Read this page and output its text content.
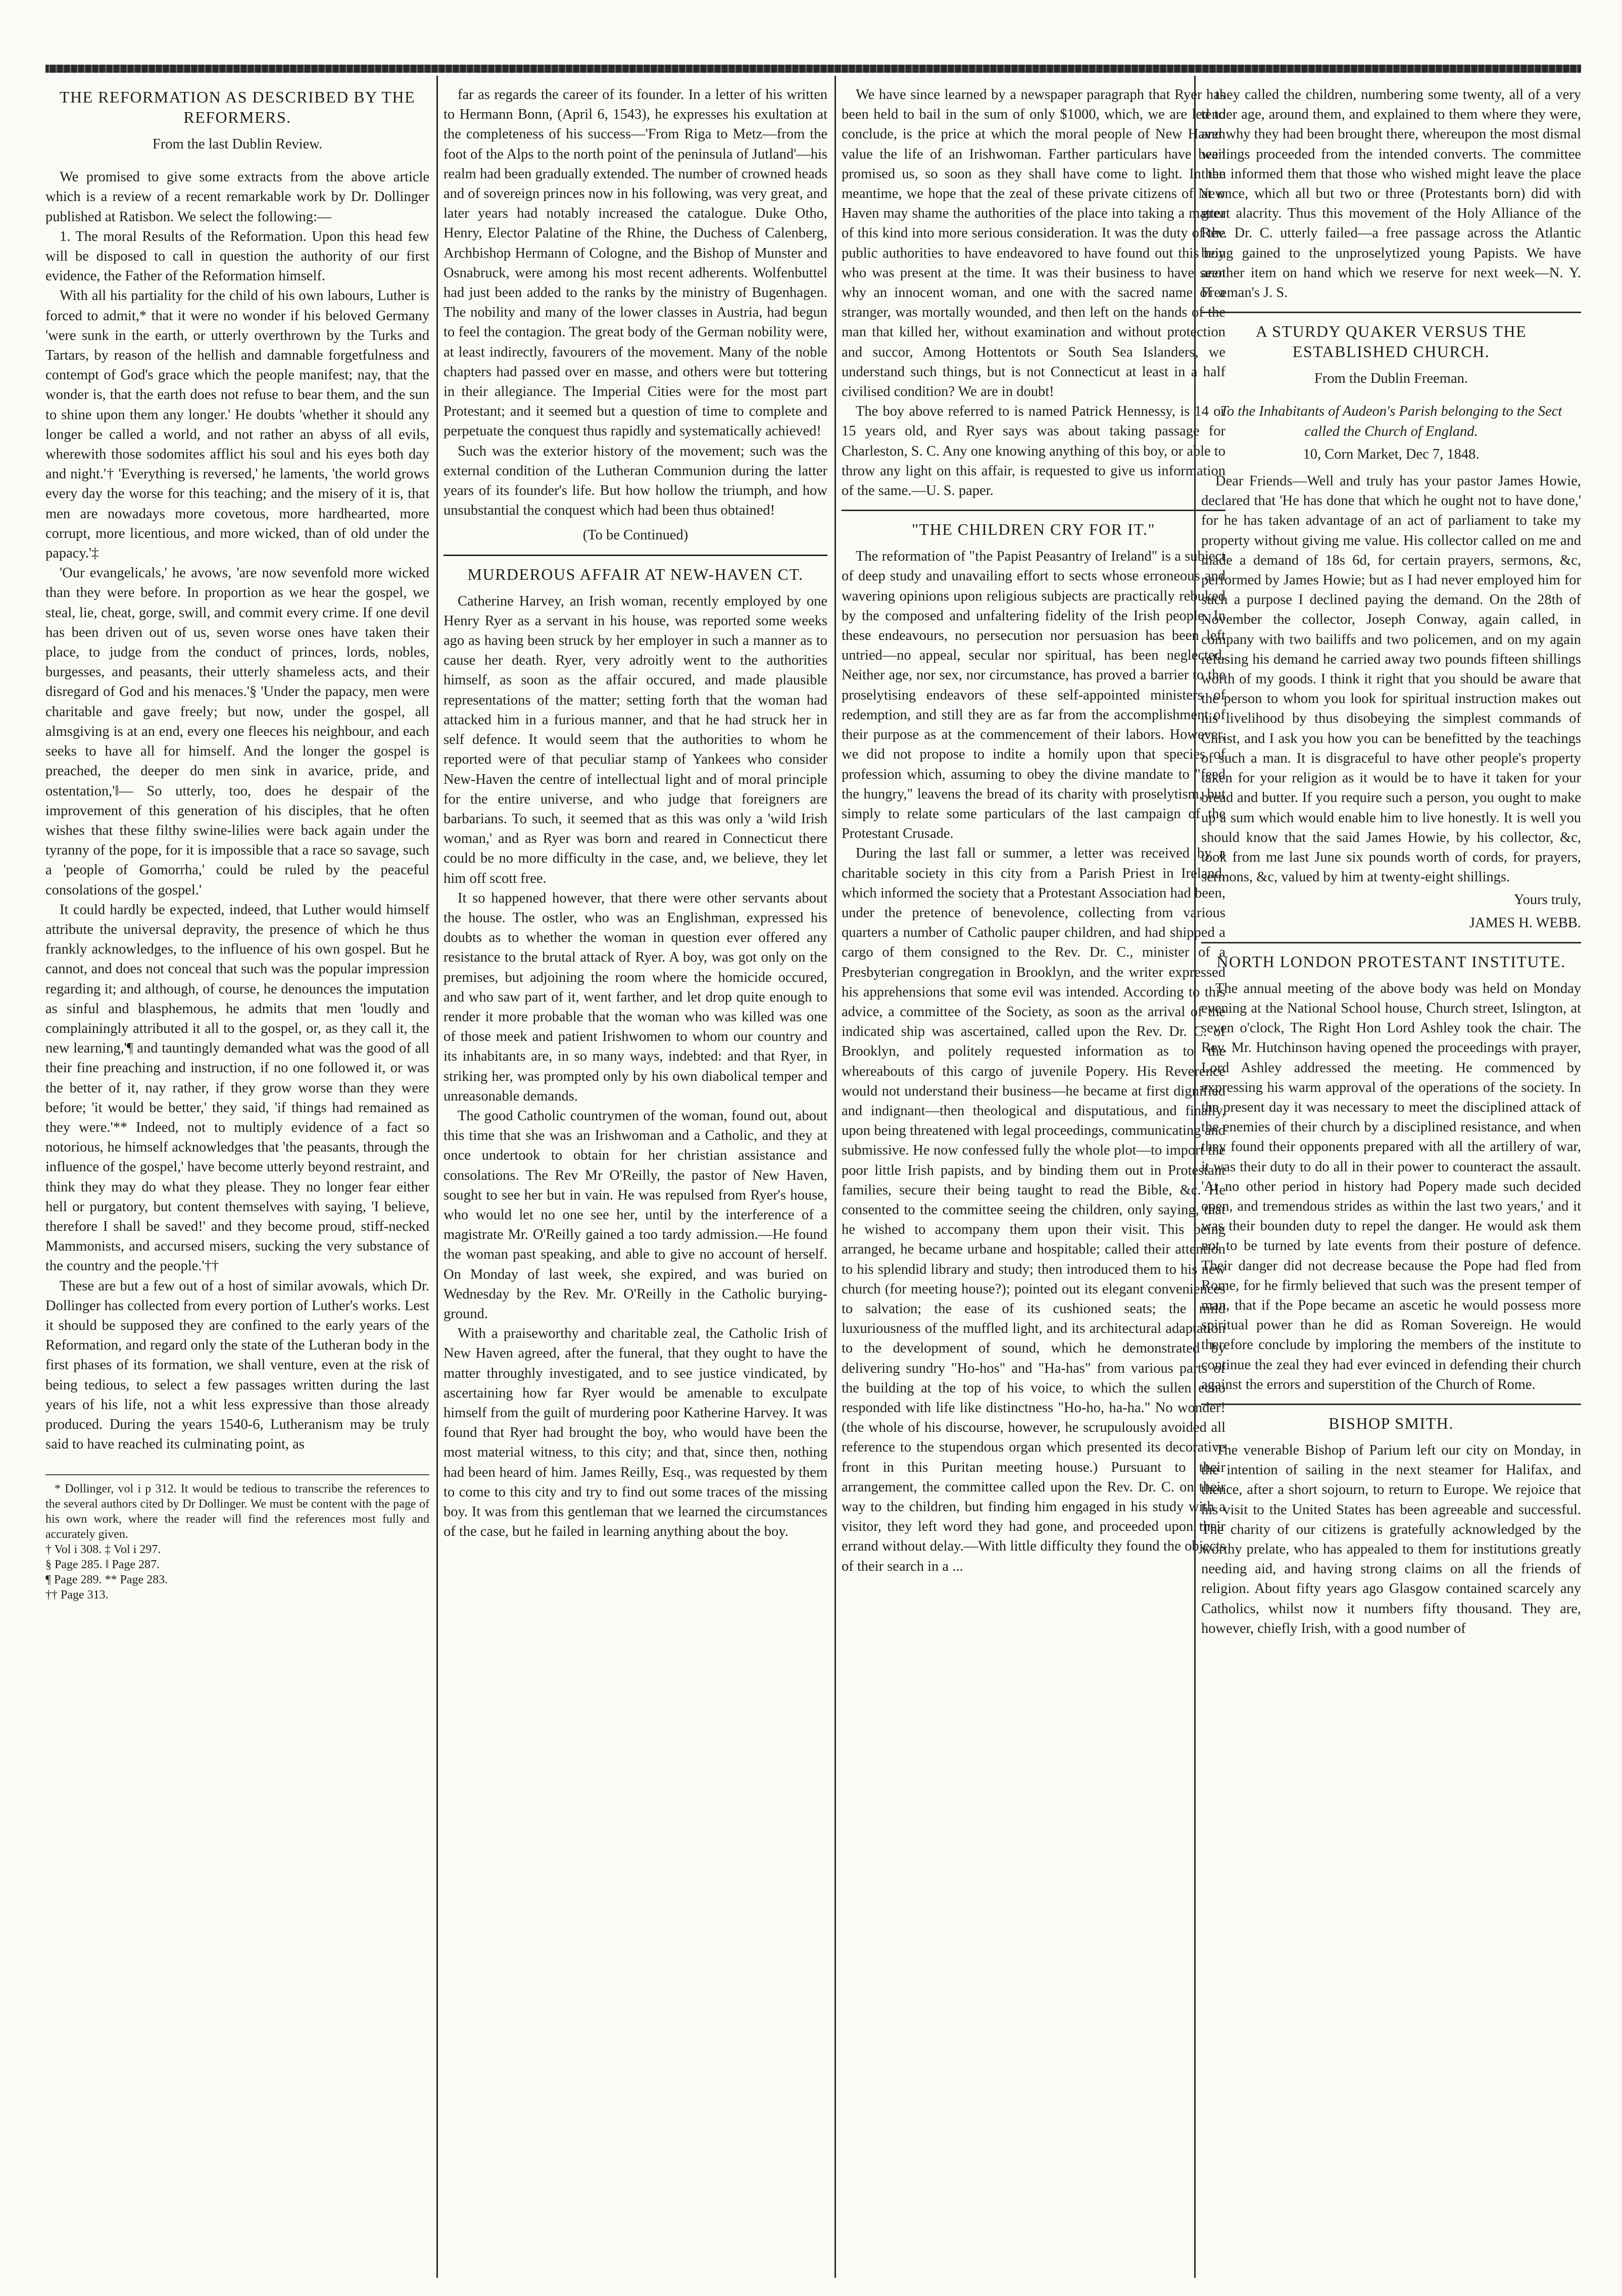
THE REFORMATION AS DESCRIBED BY THE REFORMERS.
From the last Dublin Review.

We promised to give some extracts from the above article which is a review of a recent remarkable work by Dr. Dollinger published at Ratisbon. We select the following:—

1. The moral Results of the Reformation. Upon this head few will be disposed to call in question the authority of our first evidence, the Father of the Reformation himself.

With all his partiality for the child of his own labours, Luther is forced to admit,* that it were no wonder if his beloved Germany 'were sunk in the earth, or utterly overthrown by the Turks and Tartars, by reason of the hellish and damnable forgetfulness and contempt of God's grace which the people manifest; nay, that the wonder is, that the earth does not refuse to bear them, and the sun to shine upon them any longer.' He doubts 'whether it should any longer be called a world, and not rather an abyss of all evils, wherewith those sodomites afflict his soul and his eyes both day and night.'† 'Everything is reversed,' he laments, 'the world grows every day the worse for this teaching; and the misery of it is, that men are nowadays more covetous, more hardhearted, more corrupt, more licentious, and more wicked, than of old under the papacy.'‡

'Our evangelicals,' he avows, 'are now sevenfold more wicked than they were before. In proportion as we hear the gospel, we steal, lie, cheat, gorge, swill, and commit every crime. If one devil has been driven out of us, seven worse ones have taken their place, to judge from the conduct of princes, lords, nobles, burgesses, and peasants, their utterly shameless acts, and their disregard of God and his menaces.'§ 'Under the papacy, men were charitable and gave freely; but now, under the gospel, all almsgiving is at an end, every one fleeces his neighbour, and each seeks to have all for himself. And the longer the gospel is preached, the deeper do men sink in avarice, pride, and ostentation,'‖— So utterly, too, does he despair of the improvement of this generation of his disciples, that he often wishes that these filthy swine-lilies were back again under the tyranny of the pope, for it is impossible that a race so savage, such a 'people of Gomorrha,' could be ruled by the peaceful consolations of the gospel.'

It could hardly be expected, indeed, that Luther would himself attribute the universal depravity, the presence of which he thus frankly acknowledges, to the influence of his own gospel. But he cannot, and does not conceal that such was the popular impression regarding it; and although, of course, he denounces the imputation as sinful and blasphemous, he admits that men 'loudly and complainingly attributed it all to the gospel, or, as they call it, the new learning,'¶ and tauntingly demanded what was the good of all their fine preaching and instruction, if no one followed it, or was the better of it, nay rather, if they grow worse than they were before; 'it would be better,' they said, 'if things had remained as they were.'** Indeed, not to multiply evidence of a fact so notorious, he himself acknowledges that 'the peasants, through the influence of the gospel,' have become utterly beyond restraint, and think they may do what they please. They no longer fear either hell or purgatory, but content themselves with saying, 'I believe, therefore I shall be saved!' and they become proud, stiff-necked Mammonists, and accursed misers, sucking the very substance of the country and the people.'††

These are but a few out of a host of similar avowals, which Dr. Dollinger has collected from every portion of Luther's works. Lest it should be supposed they are confined to the early years of the Reformation, and regard only the state of the Lutheran body in the first phases of its formation, we shall venture, even at the risk of being tedious, to select a few passages written during the last years of his life, not a whit less expressive than those already produced. During the years 1540-6, Lutheranism may be truly said to have reached its culminating point, as

* Dollinger, vol i p 312. It would be tedious to transcribe the references to the several authors cited by Dr Dollinger. We must be content with the page of his own work, where the reader will find the references most fully and accurately given.

† Vol i 308. ‡ Vol i 297.
§ Page 285. ‖ Page 287.
¶ Page 289. ** Page 283.
†† Page 313.

far as regards the career of its founder. In a letter of his written to Hermann Bonn, (April 6, 1543), he expresses his exultation at the completeness of his success—'From Riga to Metz—from the foot of the Alps to the north point of the peninsula of Jutland'—his realm had been gradually extended. The number of crowned heads and of sovereign princes now in his following, was very great, and later years had notably increased the catalogue. Duke Otho, Henry, Elector Palatine of the Rhine, the Duchess of Calenberg, Archbishop Hermann of Cologne, and the Bishop of Munster and Osnabruck, were among his most recent adherents. Wolfenbuttel had just been added to the ranks by the ministry of Bugenhagen. The nobility and many of the lower classes in Austria, had begun to feel the contagion. The great body of the German nobility were, at least indirectly, favourers of the movement. Many of the noble chapters had passed over en masse, and others were but tottering in their allegiance. The Imperial Cities were for the most part Protestant; and it seemed but a question of time to complete and perpetuate the conquest thus rapidly and systematically achieved!

Such was the exterior history of the movement; such was the external condition of the Lutheran Communion during the latter years of its founder's life. But how hollow the triumph, and how unsubstantial the conquest which had been thus obtained!

(To be Continued)

MURDEROUS AFFAIR AT NEW-HAVEN CT.

Catherine Harvey, an Irish woman, recently employed by one Henry Ryer as a servant in his house, was reported some weeks ago as having been struck by her employer in such a manner as to cause her death. Ryer, very adroitly went to the authorities himself, as soon as the affair occured, and made plausible representations of the matter; setting forth that the woman had attacked him in a furious manner, and that he had struck her in self defence. It would seem that the authorities to whom he reported were of that peculiar stamp of Yankees who consider New-Haven the centre of intellectual light and of moral principle for the entire universe, and who judge that foreigners are barbarians. To such, it seemed that as this was only a 'wild Irish woman,' and as Ryer was born and reared in Connecticut there could be no more difficulty in the case, and, we believe, they let him off scott free.

It so happened however, that there were other servants about the house. The ostler, who was an Englishman, expressed his doubts as to whether the woman in question ever offered any resistance to the brutal attack of Ryer. A boy, was got only on the premises, but adjoining the room where the homicide occured, and who saw part of it, went farther, and let drop quite enough to render it more probable that the woman who was killed was one of those meek and patient Irishwomen to whom our country and its inhabitants are, in so many ways, indebted: and that Ryer, in striking her, was prompted only by his own diabolical temper and unreasonable demands.

The good Catholic countrymen of the woman, found out, about this time that she was an Irishwoman and a Catholic, and they at once undertook to obtain for her christian assistance and consolations. The Rev Mr O'Reilly, the pastor of New Haven, sought to see her but in vain. He was repulsed from Ryer's house, who would let no one see her, until by the interference of a magistrate Mr. O'Reilly gained a too tardy admission.—He found the woman past speaking, and able to give no account of herself. On Monday of last week, she expired, and was buried on Wednesday by the Rev. Mr. O'Reilly in the Catholic burying-ground.

With a praiseworthy and charitable zeal, the Catholic Irish of New Haven agreed, after the funeral, that they ought to have the matter throughly investigated, and to see justice vindicated, by ascertaining how far Ryer would be amenable to exculpate himself from the guilt of murdering poor Katherine Harvey. It was found that Ryer had brought the boy, who would have been the most material witness, to this city; and that, since then, nothing had been heard of him. James Reilly, Esq., was requested by them to come to this city and try to find out some traces of the missing boy. It was from this gentleman that we learned the circumstances of the case, but he failed in learning anything about the boy.

We have since learned by a newspaper paragraph that Ryer has been held to bail in the sum of only $1000, which, we are led to conclude, is the price at which the moral people of New Haven value the life of an Irishwoman. Farther particulars have been promised us, so soon as they shall have come to light. In the meantime, we hope that the zeal of these private citizens of New Haven may shame the authorities of the place into taking a matter of this kind into more serious consideration. It was the duty of the public authorities to have endeavored to have found out this boy who was present at the time. It was their business to have seen why an innocent woman, and one with the sacred name of a stranger, was mortally wounded, and then left on the hands of the man that killed her, without examination and without protection and succor, Among Hottentots or South Sea Islanders, we understand such things, but is not Connecticut at least in a half civilised condition? We are in doubt!

The boy above referred to is named Patrick Hennessy, is 14 or 15 years old, and Ryer says was about taking passage for Charleston, S. C. Any one knowing anything of this boy, or able to throw any light on this affair, is requested to give us information of the same.—U. S. paper.

"THE CHILDREN CRY FOR IT."

The reformation of "the Papist Peasantry of Ireland" is a subject of deep study and unavailing effort to sects whose erroneous and wavering opinions upon religious subjects are practically rebuked by the composed and unfaltering fidelity of the Irish people. In these endeavours, no persecution nor persuasion has been left untried—no appeal, secular nor spiritual, has been neglected. Neither age, nor sex, nor circumstance, has proved a barrier to the proselytising endeavors of these self-appointed ministers of redemption, and still they are as far from the accomplishment of their purpose as at the commencement of their labors. However, we did not propose to indite a homily upon that species of profession which, assuming to obey the divine mandate to "feed the hungry," leavens the bread of its charity with proselytism, but simply to relate some particulars of the last campaign of the Protestant Crusade.

During the last fall or summer, a letter was received by a charitable society in this city from a Parish Priest in Ireland, which informed the society that a Protestant Association had been, under the pretence of benevolence, collecting from various quarters a number of Catholic pauper children, and had shipped a cargo of them consigned to the Rev. Dr. C., minister of a Presbyterian congregation in Brooklyn, and the writer expressed his apprehensions that some evil was intended. According to this advice, a committee of the Society, as soon as the arrival of the indicated ship was ascertained, called upon the Rev. Dr. C. of Brooklyn, and politely requested information as to the whereabouts of this cargo of juvenile Popery. His Reverence would not understand their business—he became at first dignified and indignant—then theological and disputatious, and finally, upon being threatened with legal proceedings, communicating and submissive. He now confessed fully the whole plot—to import the poor little Irish papists, and by binding them out in Protestant families, secure their being taught to read the Bible, &c. He consented to the committee seeing the children, only saying, that he wished to accompany them upon their visit. This being arranged, he became urbane and hospitable; called their attention to his splendid library and study; then introduced them to his new church (for meeting house?); pointed out its elegant conveniences to salvation; the ease of its cushioned seats; the mild luxuriousness of the muffled light, and its architectural adaptation to the development of sound, which he demonstrated by delivering sundry "Ho-hos" and "Ha-has" from various parts of the building at the top of his voice, to which the sullen echo responded with life like distinctness "Ho-ho, ha-ha." No wonder! (the whole of his discourse, however, he scrupulously avoided all reference to the stupendous organ which presented its decorative front in this Puritan meeting house.) Pursuant to their arrangement, the committee called upon the Rev. Dr. C. on their way to the children, but finding him engaged in his study with a visitor, they left word they had gone, and proceeded upon their errand without delay.—With little difficulty they found the objects of their search in a ...

they called the children, numbering some twenty, all of a very tender age, around them, and explained to them where they were, and why they had been brought there, whereupon the most dismal wailings proceeded from the intended converts. The committee then informed them that those who wished might leave the place at once, which all but two or three (Protestants born) did with great alacrity. Thus this movement of the Holy Alliance of the Rev. Dr. C. utterly failed—a free passage across the Atlantic being gained to the unproselytized young Papists. We have another item on hand which we reserve for next week—N. Y. Freeman's J. S.

A STURDY QUAKER VERSUS THE ESTABLISHED CHURCH.
From the Dublin Freeman.
To the Inhabitants of Audeon's Parish belonging to the Sect called the Church of England.
10, Corn Market, Dec 7, 1848.

Dear Friends—Well and truly has your pastor James Howie, declared that 'He has done that which he ought not to have done,' for he has taken advantage of an act of parliament to take my property without giving me value. His collector called on me and made a demand of 18s 6d, for certain prayers, sermons, &c, performed by James Howie; but as I had never employed him for such a purpose I declined paying the demand. On the 28th of November the collector, Joseph Conway, again called, in company with two bailiffs and two policemen, and on my again refusing his demand he carried away two pounds fifteen shillings worth of my goods. I think it right that you should be aware that the person to whom you look for spiritual instruction makes out his livelihood by thus disobeying the simplest commands of Christ, and I ask you how you can be benefitted by the teachings of such a man. It is disgraceful to have other people's property taken for your religion as it would be to have it taken for your bread and butter. If you require such a person, you ought to make up a sum which would enable him to live honestly. It is well you should know that the said James Howie, by his collector, &c, took from me last June six pounds worth of cords, for prayers, sermons, &c, valued by him at twenty-eight shillings.

Yours truly,

JAMES H. WEBB.

NORTH LONDON PROTESTANT INSTITUTE.

The annual meeting of the above body was held on Monday evening at the National School house, Church street, Islington, at seven o'clock, The Right Hon Lord Ashley took the chair. The Rev. Mr. Hutchinson having opened the proceedings with prayer, Lord Ashley addressed the meeting. He commenced by expressing his warm approval of the operations of the society. In the present day it was necessary to meet the disciplined attack of the enemies of their church by a disciplined resistance, and when they found their opponents prepared with all the artillery of war, it was their duty to do all in their power to counteract the assault. 'At no other period in history had Popery made such decided open, and tremendous strides as within the last two years,' and it was their bounden duty to repel the danger. He would ask them not to be turned by late events from their posture of defence. Their danger did not decrease because the Pope had fled from Rome, for he firmly believed that such was the present temper of man, that if the Pope became an ascetic he would possess more spiritual power than he did as Roman Sovereign. He would therefore conclude by imploring the members of the institute to continue the zeal they had ever evinced in defending their church against the errors and superstition of the Church of Rome.

BISHOP SMITH.

The venerable Bishop of Parium left our city on Monday, in the intention of sailing in the next steamer for Halifax, and thence, after a short sojourn, to return to Europe. We rejoice that his visit to the United States has been agreeable and successful. The charity of our citizens is gratefully acknowledged by the worthy prelate, who has appealed to them for institutions greatly needing aid, and having strong claims on all the friends of religion. About fifty years ago Glasgow contained scarcely any Catholics, whilst now it numbers fifty thousand. They are, however, chiefly Irish, with a good number of
